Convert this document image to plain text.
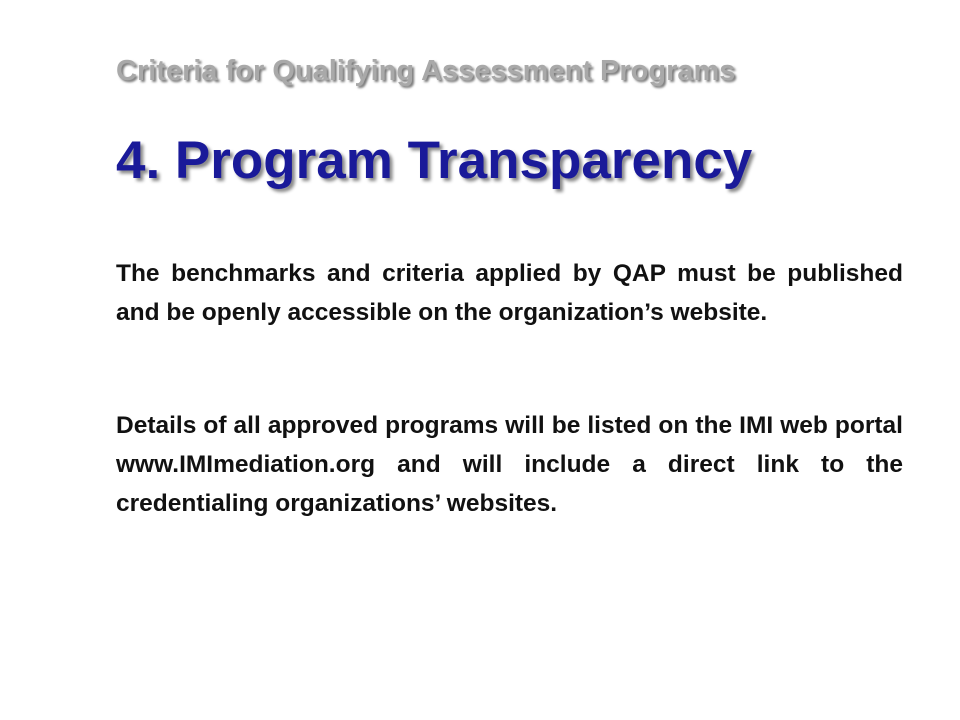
Criteria for Qualifying Assessment Programs
4. Program Transparency

The benchmarks and criteria applied by QAP must be published and be openly accessible on the organization’s website.

Details of all approved programs will be listed on the IMI web portal www.IMImediation.org and will include a direct link to the credentialing organizations’ websites.
